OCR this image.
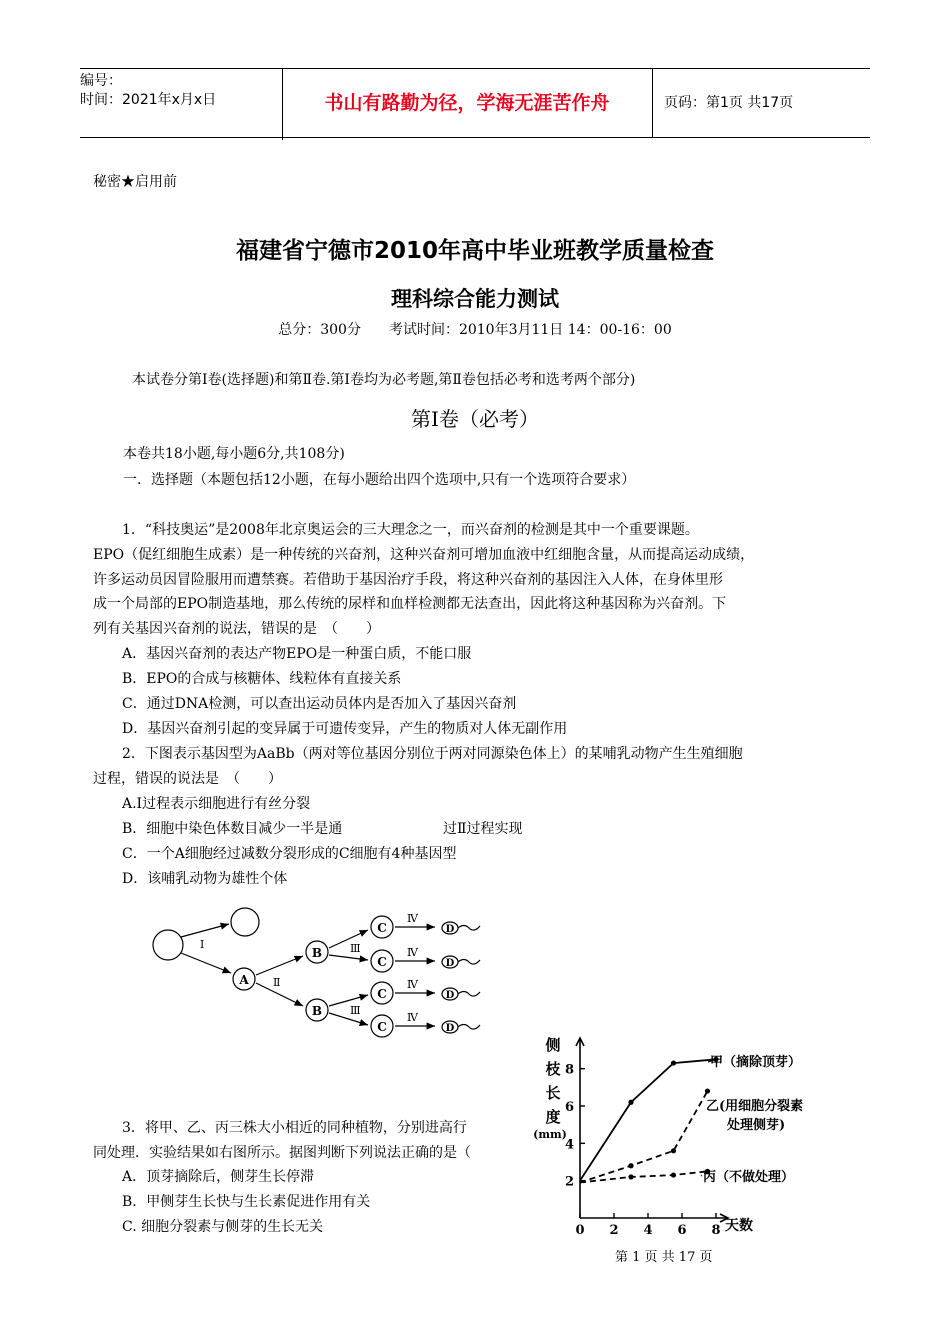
编号：
时间：2021年x月x日	书山有路勤为径，学海无涯苦作舟	页码：第1页 共17页
秘密★启用前
福建省宁德市2010年高中毕业班教学质量检查
理科综合能力测试
总分：300分　　考试时间：2010年3月11日 14：00-16：00
本试卷分第Ⅰ卷(选择题)和第Ⅱ卷.第Ⅰ卷均为必考题,第Ⅱ卷包括必考和选考两个部分)
第Ⅰ卷（必考）
本卷共18小题,每小题6分,共108分)
一．选择题（本题包括12小题，在每小题给出四个选项中,只有一个选项符合要求）
1．“科技奥运”是2008年北京奥运会的三大理念之一，而兴奋剂的检测是其中一个重要课题。
EPO（促红细胞生成素）是一种传统的兴奋剂，这种兴奋剂可增加血液中红细胞含量，从而提高运动成绩，
许多运动员因冒险服用而遭禁赛。若借助于基因治疗手段，将这种兴奋剂的基因注入人体，在身体里形
成一个局部的EPO制造基地，那么传统的尿样和血样检测都无法查出，因此将这种基因称为兴奋剂。下
列有关基因兴奋剂的说法，错误的是　（　　）
A．基因兴奋剂的表达产物EPO是一种蛋白质，不能口服
B．EPO的合成与核糖体、线粒体有直接关系
C．通过DNA检测，可以查出运动员体内是否加入了基因兴奋剂
D．基因兴奋剂引起的变异属于可遗传变异，产生的物质对人体无副作用
2．下图表示基因型为AaBb（两对等位基因分别位于两对同源染色体上）的某哺乳动物产生生殖细胞
过程，错误的说法是　（　　）
A.Ⅰ过程表示细胞进行有丝分裂
B．细胞中染色体数目减少一半是通	过Ⅱ过程实现
C．一个A细胞经过减数分裂形成的C细胞有4种基因型
D．该哺乳动物为雄性个体
A
B
B
C
C
C
C
D
D
D
D
Ⅰ
Ⅱ
Ⅲ
Ⅲ
Ⅳ
Ⅳ
Ⅳ
Ⅳ
3．将甲、乙、丙三株大小相近的同种植物，分别进高行
同处理．实验结果如右图所示。据图判断下列说法正确的是（
A．顶芽摘除后，侧芽生长停滞
B．甲侧芽生长快与生长素促进作用有关
C. 细胞分裂素与侧芽的生长无关
侧
枝
长
度
(mm)
天数
0 2 4 6 8
2
4
6
8
甲（摘除顶芽）
乙(用细胞分裂素
处理侧芽)
丙（不做处理）
第 1 页 共 17 页
